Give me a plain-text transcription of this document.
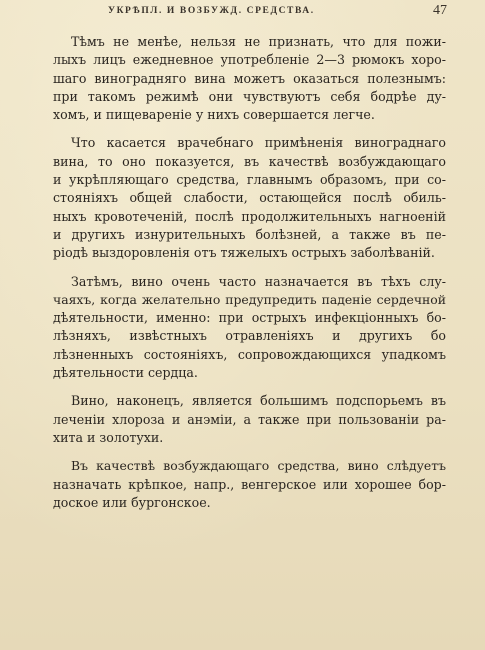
УКРѢПЛ. И ВОЗБУЖД. СРЕДСТВА.	47

Тѣмъ не менѣе, нельзя не признать, что для пожи-
лыхъ лицъ ежедневное употребленіе 2—3 рюмокъ хоро-
шаго виноградняго вина можетъ оказаться полезнымъ:
при такомъ режимѣ они чувствуютъ себя бодрѣе ду-
хомъ, и пищевареніе у нихъ совершается легче.

Что касается врачебнаго примѣненія винограднаго
вина, то оно показуется, въ качествѣ возбуждающаго
и укрѣпляющаго средства, главнымъ образомъ, при со-
стояніяхъ общей слабости, остающейся послѣ обиль-
ныхъ кровотеченій, послѣ продолжительныхъ нагноеній
и другихъ изнурительныхъ болѣзней, а также въ пе-
ріодѣ выздоровленія отъ тяжелыхъ острыхъ заболѣваній.

Затѣмъ, вино очень часто назначается въ тѣхъ слу-
чаяхъ, когда желательно предупредить паденіе сердечной
дѣятельности, именно: при острыхъ инфекціонныхъ бо-
лѣзняхъ, извѣстныхъ отравленіяхъ и другихъ бо
лѣзненныхъ состояніяхъ, сопровождающихся упадкомъ
дѣятельности сердца.

Вино, наконецъ, является большимъ подспорьемъ въ
леченіи хлороза и анэміи, а также при пользованіи ра-
хита и золотухи.

Въ качествѣ возбуждающаго средства, вино слѣдуетъ
назначать крѣпкое, напр., венгерское или хорошее бор-
доское или бургонское.
